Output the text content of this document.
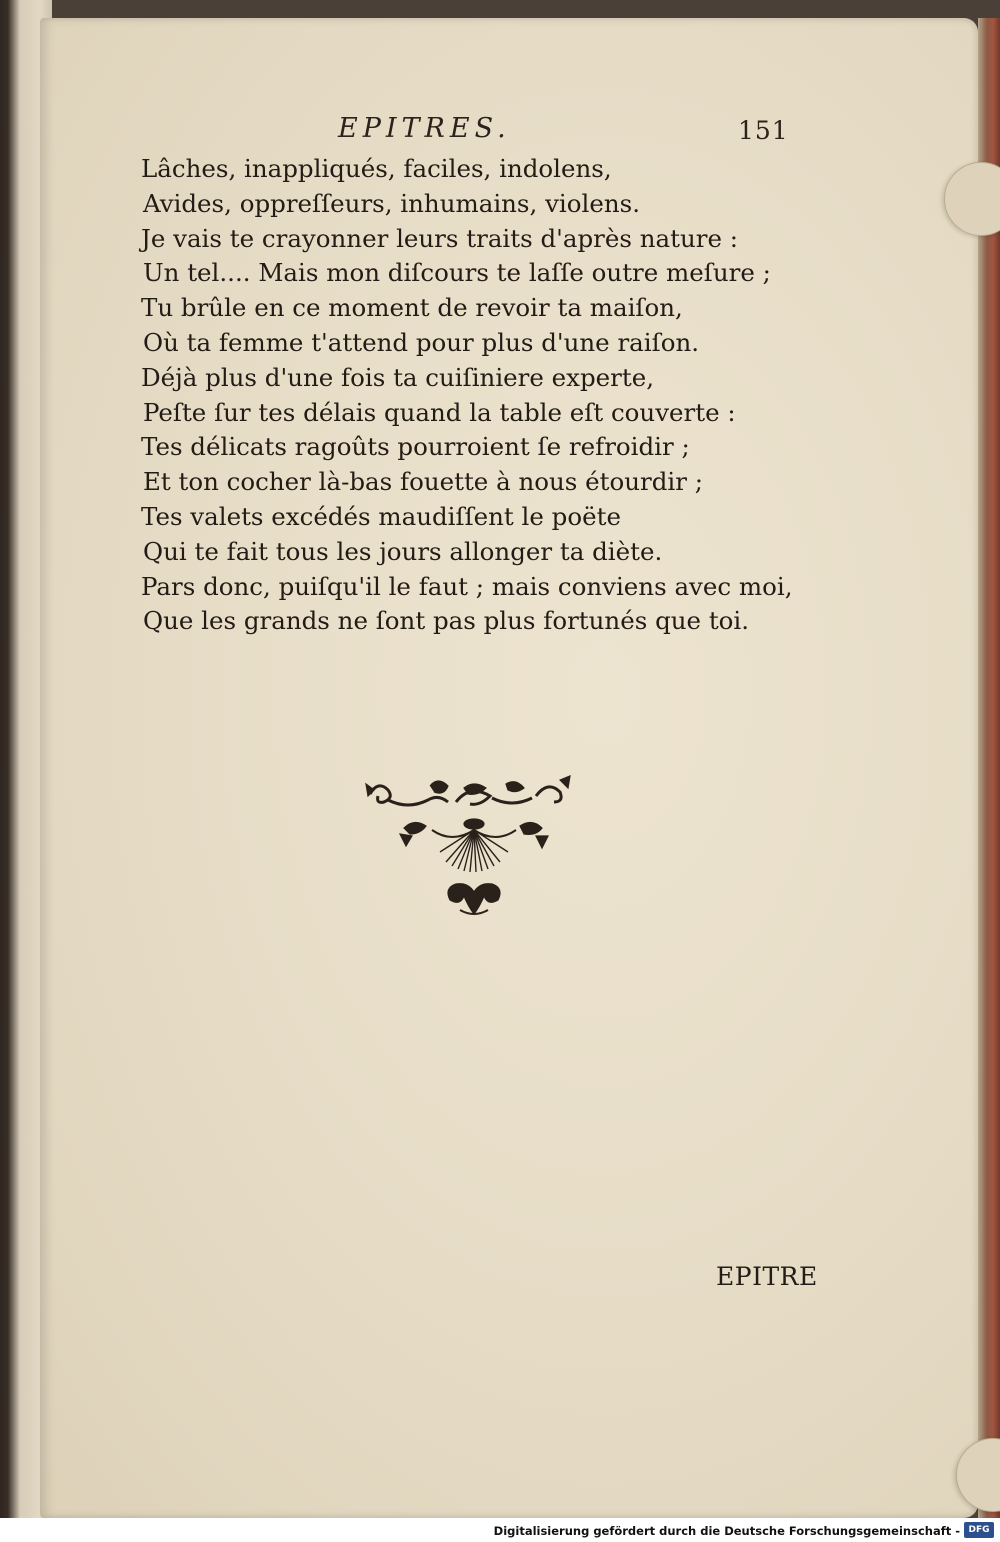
EPITRES.	151
Lâches, inappliqués, faciles, indolens,
Avides, oppreſſeurs, inhumains, violens.
Je vais te crayonner leurs traits d'après nature :
Un tel.... Mais mon diſcours te laſſe outre meſure ;
Tu brûle en ce moment de revoir ta maiſon,
Où ta femme t'attend pour plus d'une raiſon.
Déjà plus d'une fois ta cuiſiniere experte,
Peſte ſur tes délais quand la table eſt couverte :
Tes délicats ragoûts pourroient ſe refroidir ;
Et ton cocher là-bas fouette à nous étourdir ;
Tes valets excédés maudiſſent le poëte
Qui te fait tous les jours allonger ta diète.
Pars donc, puiſqu'il le faut ; mais conviens avec moi,
Que les grands ne ſont pas plus fortunés que toi.
EPITRE
Digitalisierung gefördert durch die Deutsche Forschungsgemeinschaft - DFG
